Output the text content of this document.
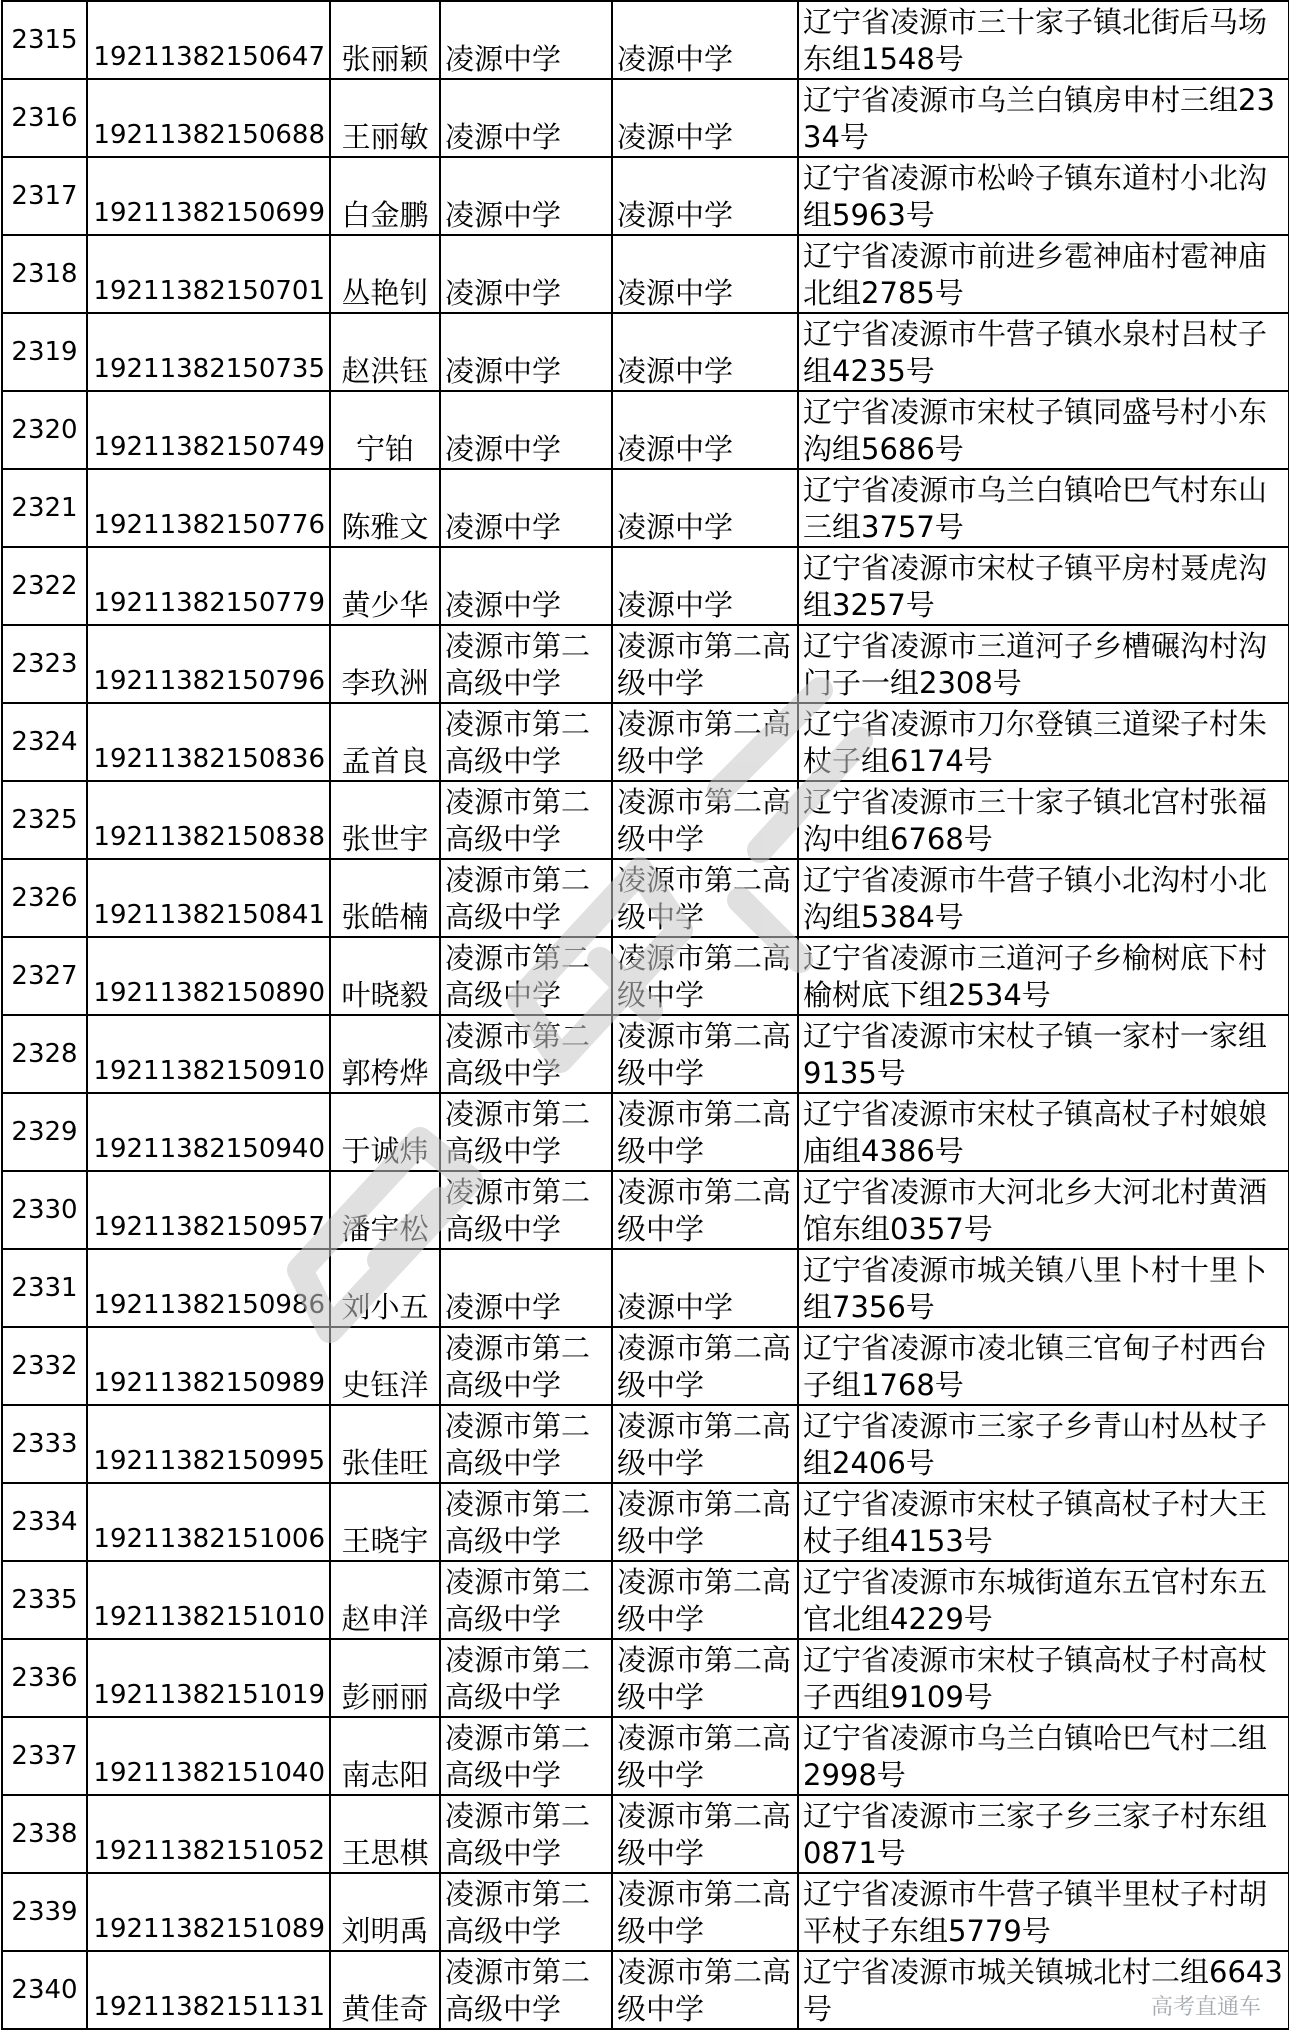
2315	19211382150647	张丽颖	凌源中学	凌源中学	辽宁省凌源市三十家子镇北街后马场东组1548号
2316	19211382150688	王丽敏	凌源中学	凌源中学	辽宁省凌源市乌兰白镇房申村三组2334号
2317	19211382150699	白金鹏	凌源中学	凌源中学	辽宁省凌源市松岭子镇东道村小北沟组5963号
2318	19211382150701	丛艳钊	凌源中学	凌源中学	辽宁省凌源市前进乡雹神庙村雹神庙北组2785号
2319	19211382150735	赵洪钰	凌源中学	凌源中学	辽宁省凌源市牛营子镇水泉村吕杖子组4235号
2320	19211382150749	宁铂	凌源中学	凌源中学	辽宁省凌源市宋杖子镇同盛号村小东沟组5686号
2321	19211382150776	陈雅文	凌源中学	凌源中学	辽宁省凌源市乌兰白镇哈巴气村东山三组3757号
2322	19211382150779	黄少华	凌源中学	凌源中学	辽宁省凌源市宋杖子镇平房村聂虎沟组3257号
2323	19211382150796	李玖洲	凌源市第二高级中学	凌源市第二高级中学	辽宁省凌源市三道河子乡槽碾沟村沟门子一组2308号
2324	19211382150836	孟首良	凌源市第二高级中学	凌源市第二高级中学	辽宁省凌源市刀尔登镇三道梁子村朱杖子组6174号
2325	19211382150838	张世宇	凌源市第二高级中学	凌源市第二高级中学	辽宁省凌源市三十家子镇北宫村张福沟中组6768号
2326	19211382150841	张皓楠	凌源市第二高级中学	凌源市第二高级中学	辽宁省凌源市牛营子镇小北沟村小北沟组5384号
2327	19211382150890	叶晓毅	凌源市第二高级中学	凌源市第二高级中学	辽宁省凌源市三道河子乡榆树底下村榆树底下组2534号
2328	19211382150910	郭桍烨	凌源市第二高级中学	凌源市第二高级中学	辽宁省凌源市宋杖子镇一家村一家组9135号
2329	19211382150940	于诚炜	凌源市第二高级中学	凌源市第二高级中学	辽宁省凌源市宋杖子镇高杖子村娘娘庙组4386号
2330	19211382150957	潘宇松	凌源市第二高级中学	凌源市第二高级中学	辽宁省凌源市大河北乡大河北村黄酒馆东组0357号
2331	19211382150986	刘小五	凌源中学	凌源中学	辽宁省凌源市城关镇八里卜村十里卜组7356号
2332	19211382150989	史钰洋	凌源市第二高级中学	凌源市第二高级中学	辽宁省凌源市凌北镇三官甸子村西台子组1768号
2333	19211382150995	张佳旺	凌源市第二高级中学	凌源市第二高级中学	辽宁省凌源市三家子乡青山村丛杖子组2406号
2334	19211382151006	王晓宇	凌源市第二高级中学	凌源市第二高级中学	辽宁省凌源市宋杖子镇高杖子村大王杖子组4153号
2335	19211382151010	赵申洋	凌源市第二高级中学	凌源市第二高级中学	辽宁省凌源市东城街道东五官村东五官北组4229号
2336	19211382151019	彭丽丽	凌源市第二高级中学	凌源市第二高级中学	辽宁省凌源市宋杖子镇高杖子村高杖子西组9109号
2337	19211382151040	南志阳	凌源市第二高级中学	凌源市第二高级中学	辽宁省凌源市乌兰白镇哈巴气村二组2998号
2338	19211382151052	王思棋	凌源市第二高级中学	凌源市第二高级中学	辽宁省凌源市三家子乡三家子村东组0871号
2339	19211382151089	刘明禹	凌源市第二高级中学	凌源市第二高级中学	辽宁省凌源市牛营子镇半里杖子村胡平杖子东组5779号
2340	19211382151131	黄佳奇	凌源市第二高级中学	凌源市第二高级中学	辽宁省凌源市城关镇城北村二组6643号	高考直通车
